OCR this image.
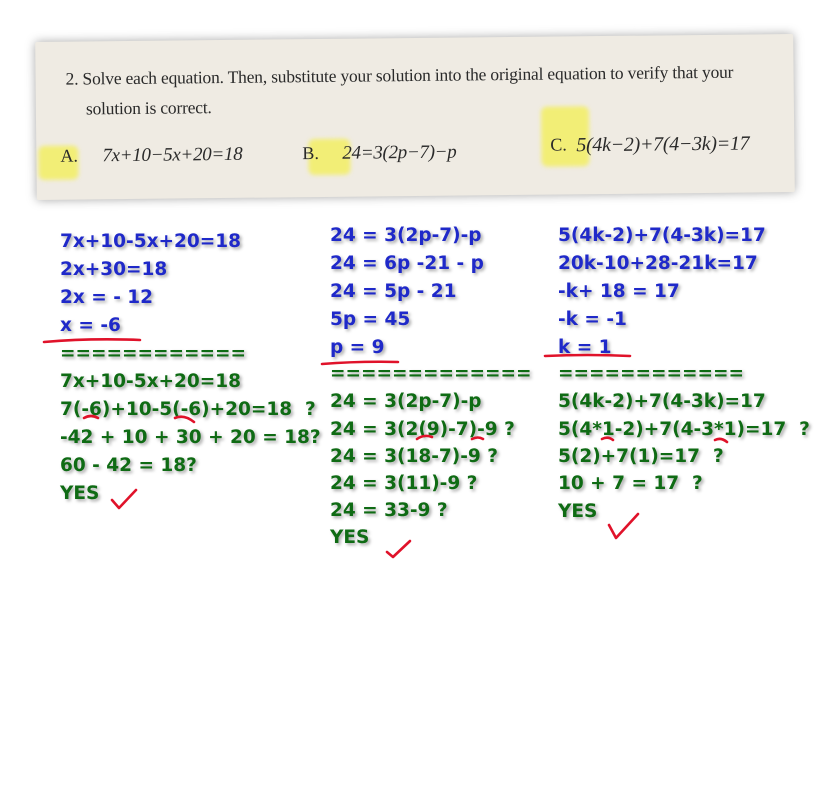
2. Solve each equation. Then, substitute your solution into the original equation to verify that your
solution is correct.
A. 7x+10−5x+20=18	B. 24=3(2p−7)−p	C. 5(4k−2)+7(4−3k)=17
7x+10-5x+20=18
2x+30=18
2x = - 12
x = -6
============
7x+10-5x+20=18
7(-6)+10-5(-6)+20=18  ?
-42 + 10 + 30 + 20 = 18?
60 - 42 = 18?
YES
24 = 3(2p-7)-p
24 = 6p -21 - p
24 = 5p - 21
5p = 45
p = 9
=============
24 = 3(2p-7)-p
24 = 3(2(9)-7)-9 ?
24 = 3(18-7)-9 ?
24 = 3(11)-9 ?
24 = 33-9 ?
YES
5(4k-2)+7(4-3k)=17
20k-10+28-21k=17
-k+ 18 = 17
-k = -1
k = 1
============
5(4k-2)+7(4-3k)=17
5(4*1-2)+7(4-3*1)=17  ?
5(2)+7(1)=17  ?
10 + 7 = 17  ?
YES
